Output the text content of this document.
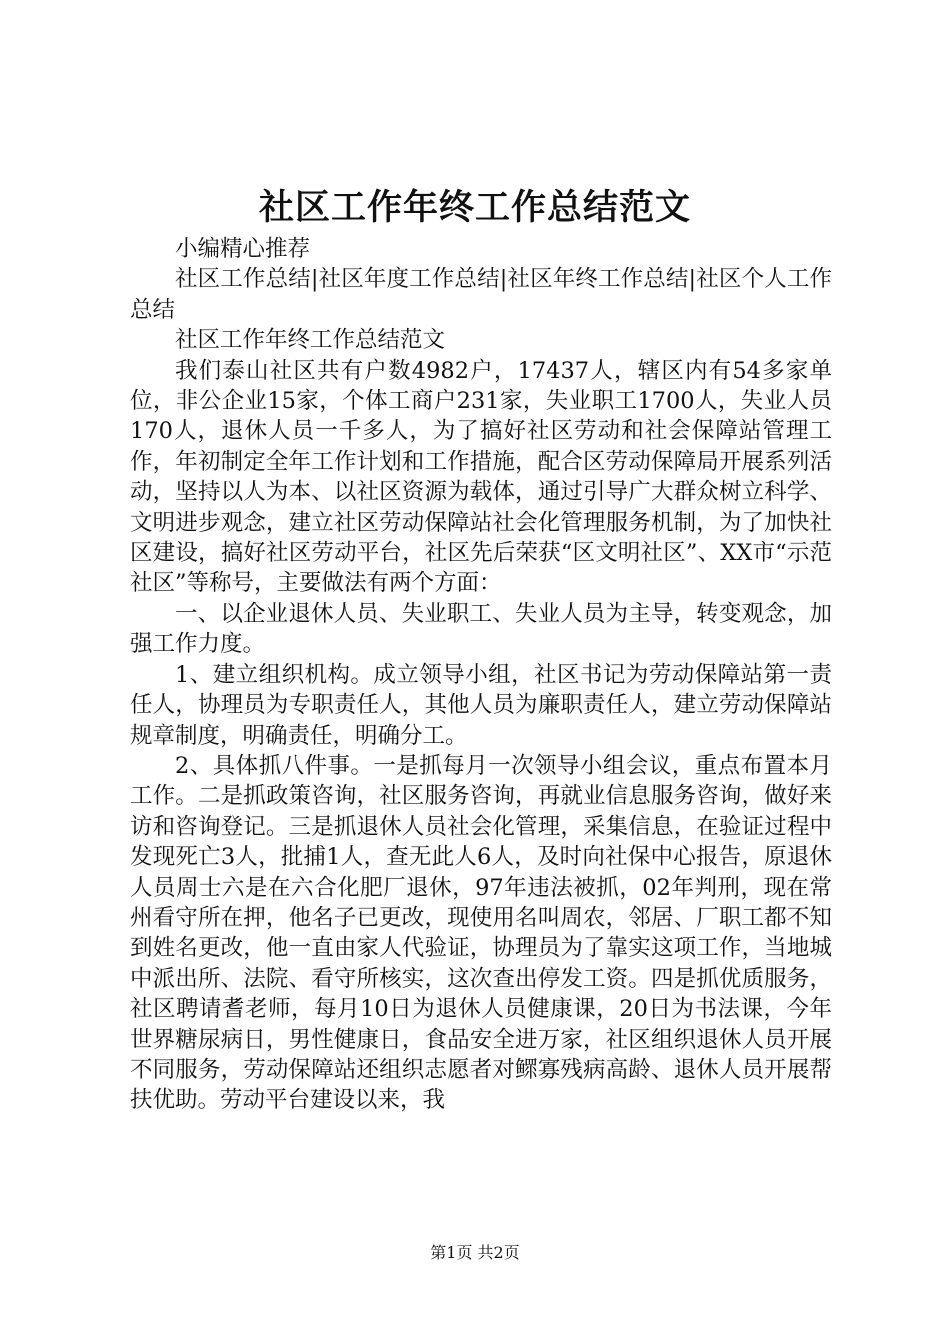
社区工作年终工作总结范文

小编精心推荐

社区工作总结|社区年度工作总结|社区年终工作总结|社区个人工作总结

社区工作年终工作总结范文

我们泰山社区共有户数4982户，17437人，辖区内有54多家单位，非公企业15家，个体工商户231家，失业职工1700人，失业人员170人，退休人员一千多人，为了搞好社区劳动和社会保障站管理工作，年初制定全年工作计划和工作措施，配合区劳动保障局开展系列活动，坚持以人为本、以社区资源为载体，通过引导广大群众树立科学、文明进步观念，建立社区劳动保障站社会化管理服务机制，为了加快社区建设，搞好社区劳动平台，社区先后荣获“区文明社区”、XX市“示范社区”等称号，主要做法有两个方面：

一、以企业退休人员、失业职工、失业人员为主导，转变观念，加强工作力度。

1、建立组织机构。成立领导小组，社区书记为劳动保障站第一责任人，协理员为专职责任人，其他人员为廉职责任人，建立劳动保障站规章制度，明确责任，明确分工。

2、具体抓八件事。一是抓每月一次领导小组会议，重点布置本月工作。二是抓政策咨询，社区服务咨询，再就业信息服务咨询，做好来访和咨询登记。三是抓退休人员社会化管理，采集信息，在验证过程中发现死亡3人，批捕1人，查无此人6人，及时向社保中心报告，原退休人员周士六是在六合化肥厂退休，97年违法被抓，02年判刑，现在常州看守所在押，他名子已更改，现使用名叫周农，邻居、厂职工都不知到姓名更改，他一直由家人代验证，协理员为了靠实这项工作，当地城中派出所、法院、看守所核实，这次查出停发工资。四是抓优质服务，社区聘请耆老师，每月10日为退休人员健康课，20日为书法课，今年世界糖尿病日，男性健康日，食品安全进万家，社区组织退休人员开展不同服务，劳动保障站还组织志愿者对鳏寡残病高龄、退休人员开展帮扶优助。劳动平台建设以来，我

第1页 共2页
